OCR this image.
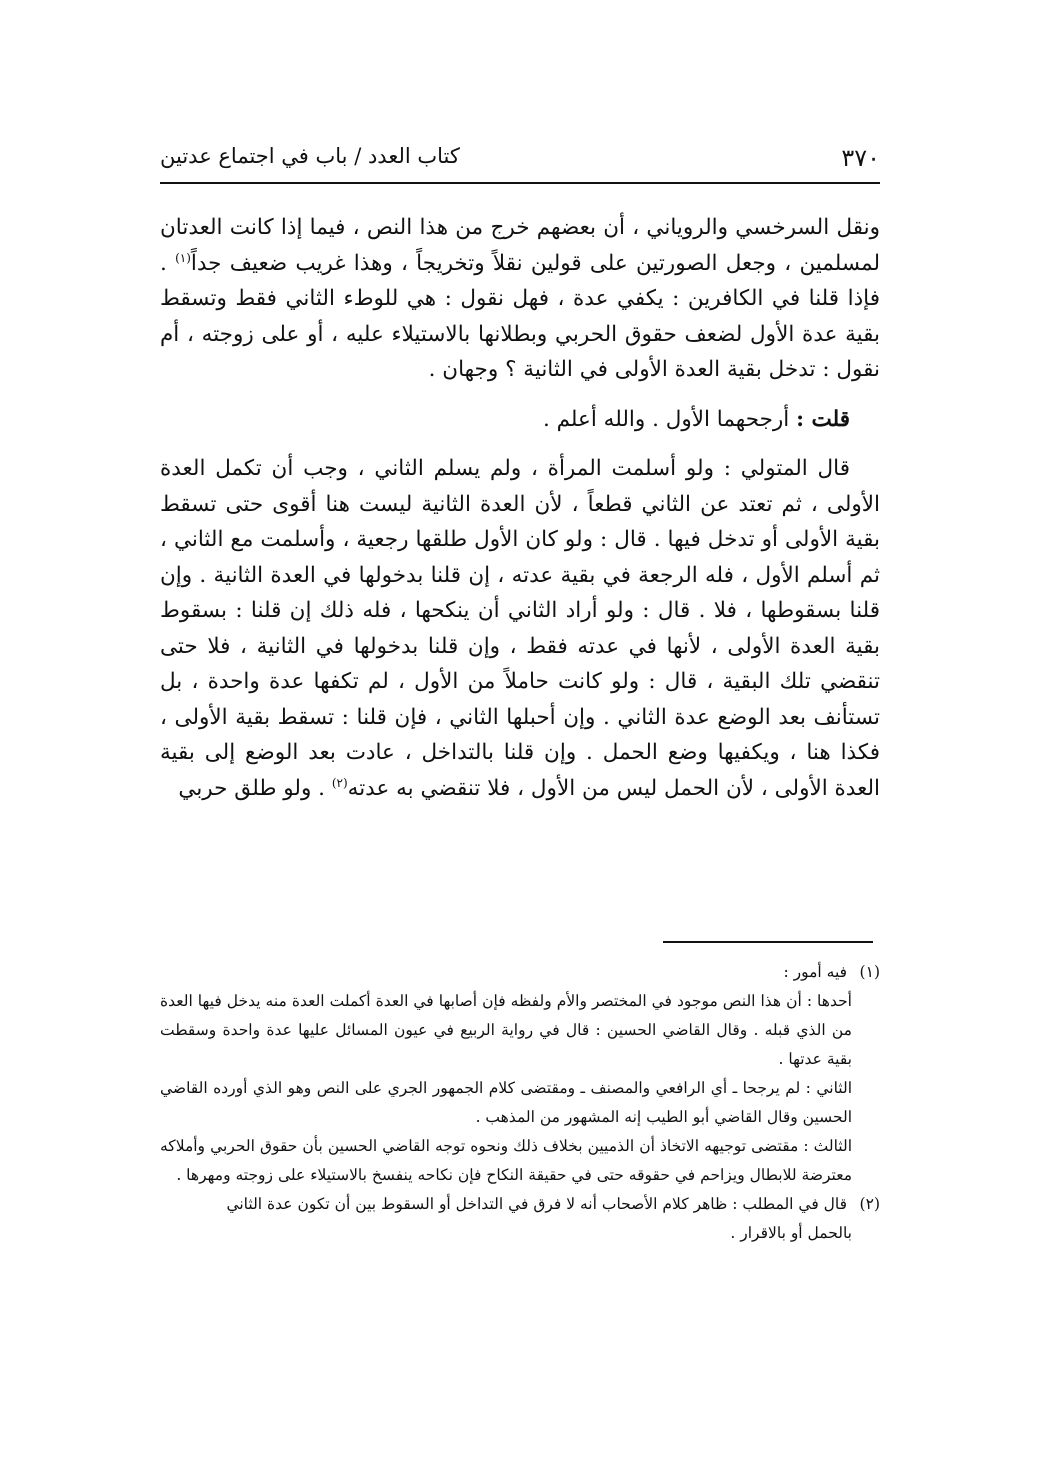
٣٧٠
كتاب العدد / باب في اجتماع عدتين

ونقل السرخسي والروياني ، أن بعضهم خرج من هذا النص ، فيما إذا كانت العدتان لمسلمين ، وجعل الصورتين على قولين نقلاً وتخريجاً ، وهذا غريب ضعيف جداً$^{(١)}$ . فإذا قلنا في الكافرين : يكفي عدة ، فهل نقول : هي للوطء الثاني فقط وتسقط بقية عدة الأول لضعف حقوق الحربي وبطلانها بالاستيلاء عليه ، أو على زوجته ، أم نقول : تدخل بقية العدة الأولى في الثانية ؟ وجهان .

قلت : أرجحهما الأول . والله أعلم .

قال المتولي : ولو أسلمت المرأة ، ولم يسلم الثاني ، وجب أن تكمل العدة الأولى ، ثم تعتد عن الثاني قطعاً ، لأن العدة الثانية ليست هنا أقوى حتى تسقط بقية الأولى أو تدخل فيها . قال : ولو كان الأول طلقها رجعية ، وأسلمت مع الثاني ، ثم أسلم الأول ، فله الرجعة في بقية عدته ، إن قلنا بدخولها في العدة الثانية . وإن قلنا بسقوطها ، فلا . قال : ولو أراد الثاني أن ينكحها ، فله ذلك إن قلنا : بسقوط بقية العدة الأولى ، لأنها في عدته فقط ، وإن قلنا بدخولها في الثانية ، فلا حتى تنقضي تلك البقية ، قال : ولو كانت حاملاً من الأول ، لم تكفها عدة واحدة ، بل تستأنف بعد الوضع عدة الثاني . وإن أحبلها الثاني ، فإن قلنا : تسقط بقية الأولى ، فكذا هنا ، ويكفيها وضع الحمل . وإن قلنا بالتداخل ، عادت بعد الوضع إلى بقية العدة الأولى ، لأن الحمل ليس من الأول ، فلا تنقضي به عدته$^{(٢)}$ . ولو طلق حربي

(١) فيه أمور :

أحدها : أن هذا النص موجود في المختصر والأم ولفظه فإن أصابها في العدة أكملت العدة منه يدخل فيها العدة من الذي قبله . وقال القاضي الحسين : قال في رواية الربيع في عيون المسائل عليها عدة واحدة وسقطت بقية عدتها .

الثاني : لم يرجحا ـ أي الرافعي والمصنف ـ ومقتضى كلام الجمهور الجري على النص وهو الذي أورده القاضي الحسين وقال القاضي أبو الطيب إنه المشهور من المذهب .

الثالث : مقتضى توجيهه الاتخاذ أن الذميين بخلاف ذلك ونحوه توجه القاضي الحسين بأن حقوق الحربي وأملاكه معترضة للابطال ويزاحم في حقوقه حتى في حقيقة النكاح فإن نكاحه ينفسخ بالاستيلاء على زوجته ومهرها .

(٢) قال في المطلب : ظاهر كلام الأصحاب أنه لا فرق في التداخل أو السقوط بين أن تكون عدة الثاني

بالحمل أو بالاقرار .
